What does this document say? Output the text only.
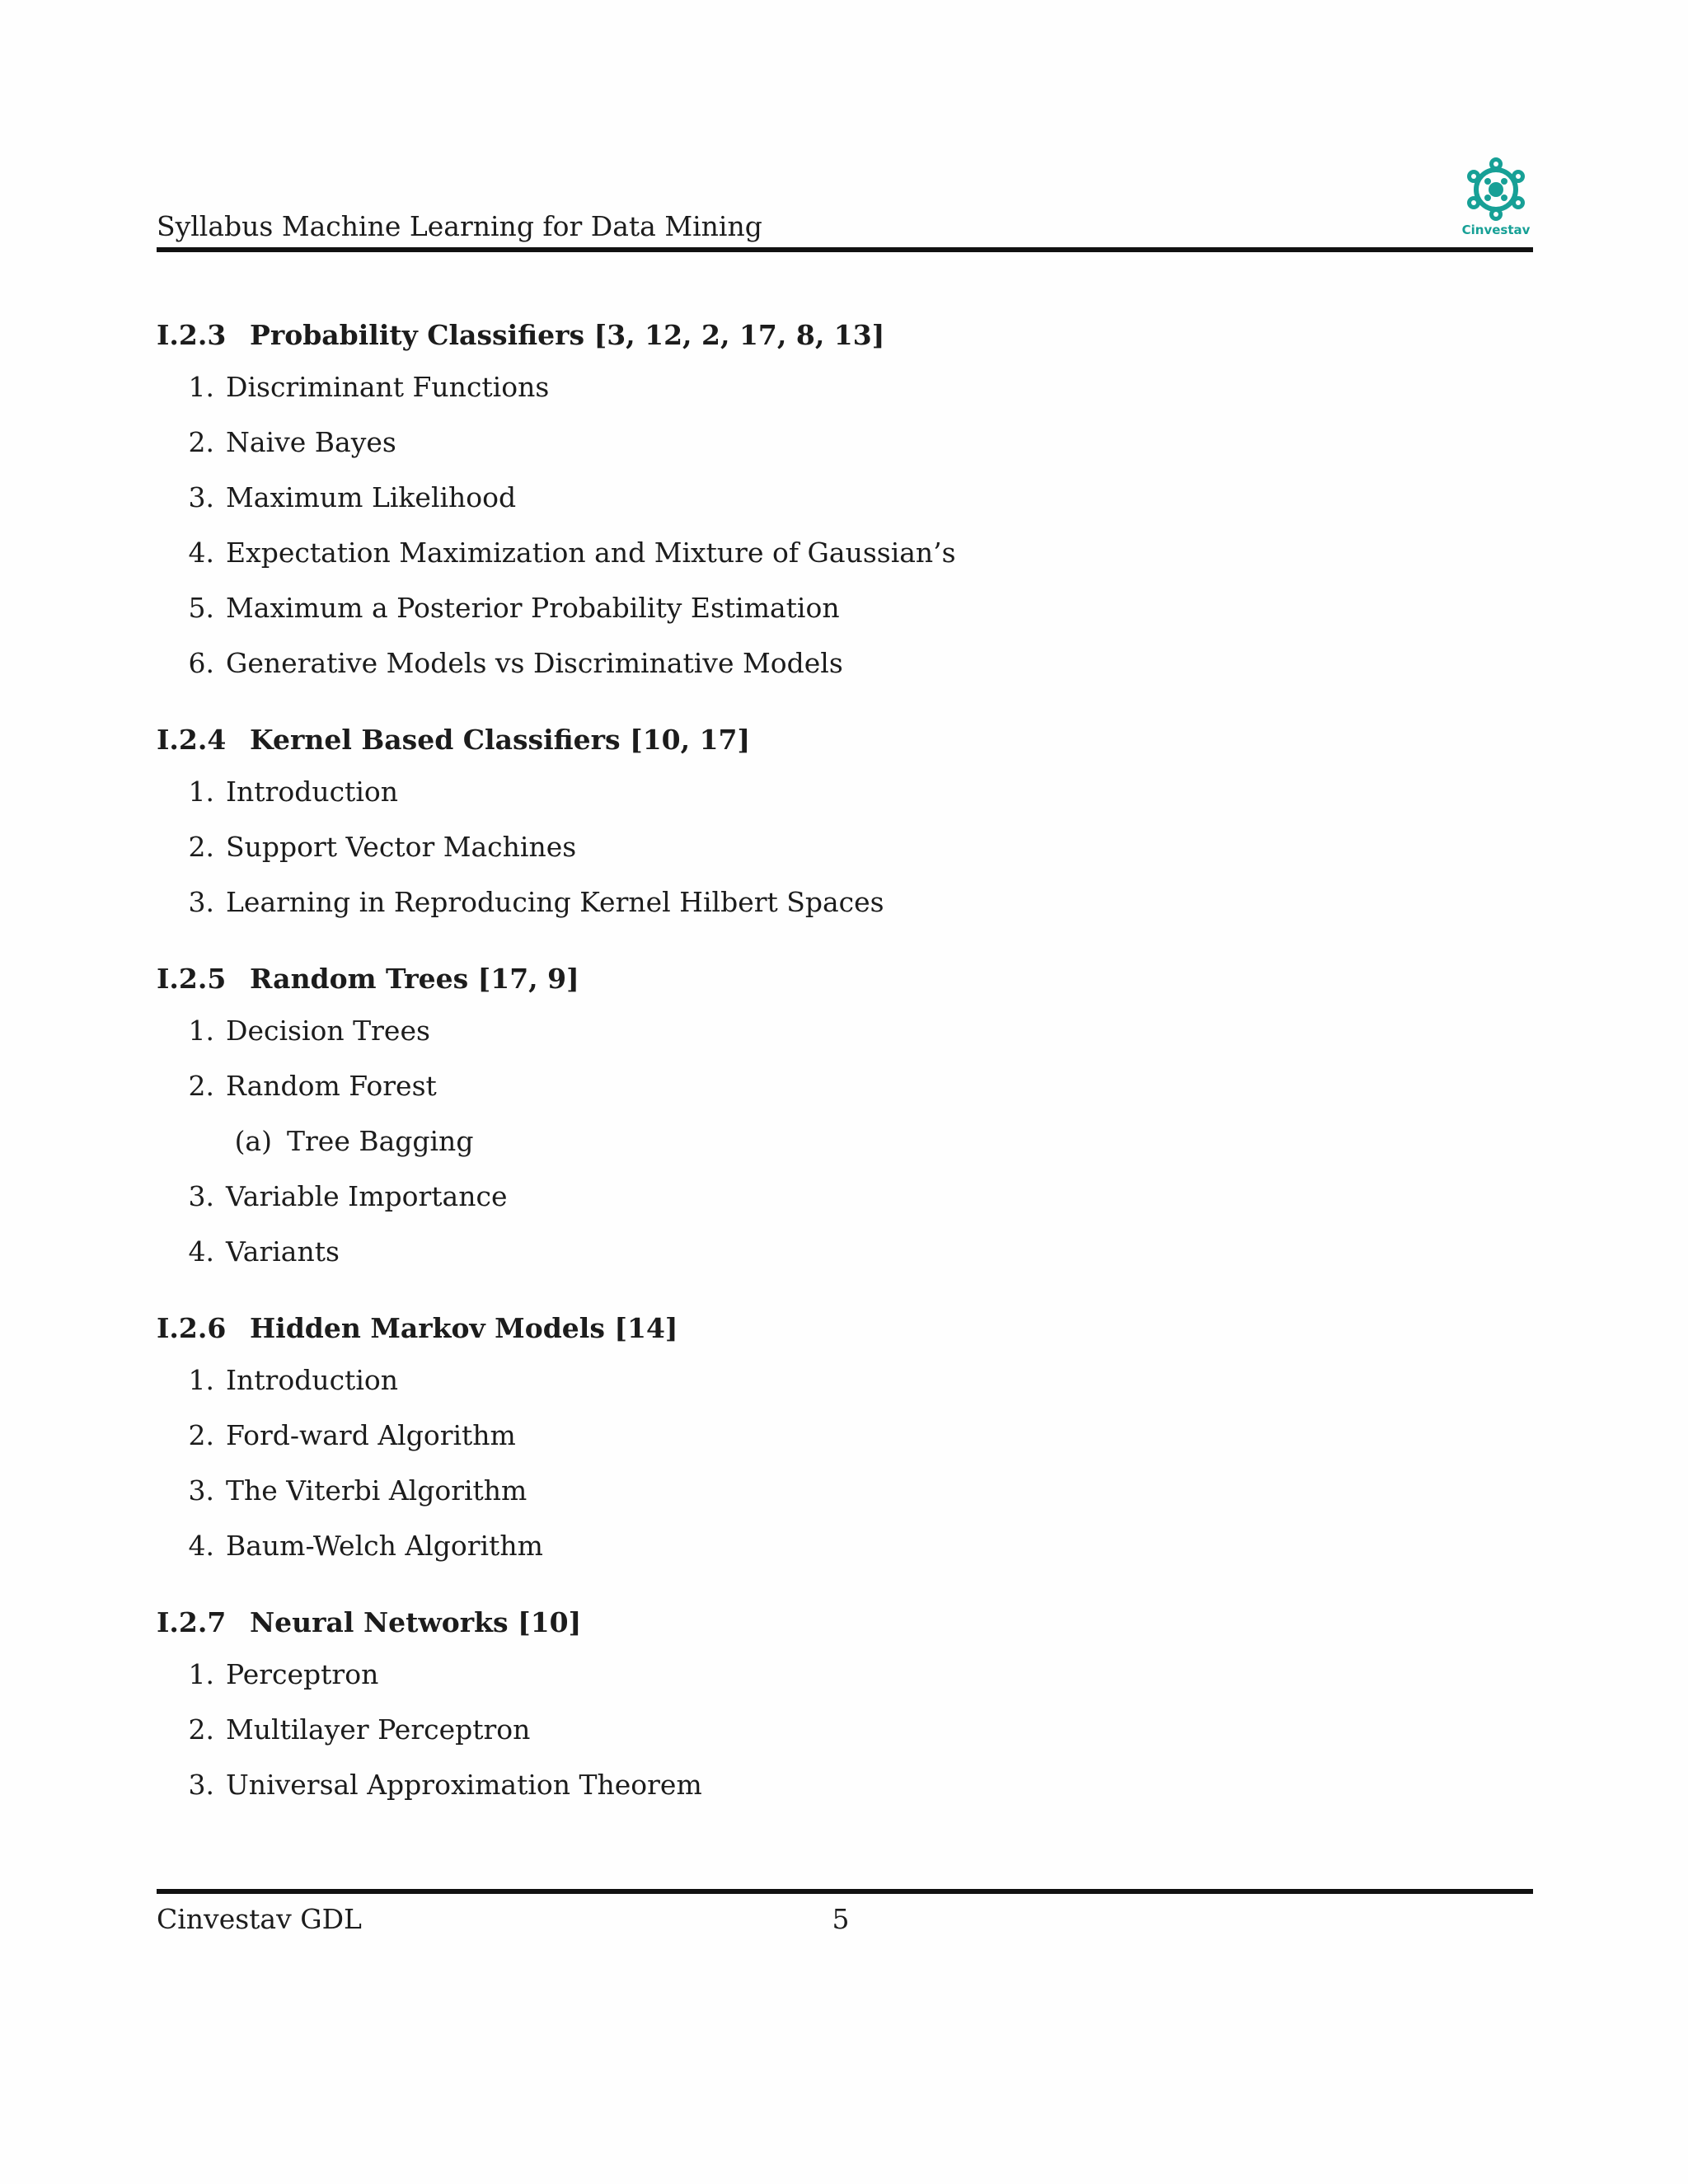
Syllabus Machine Learning for Data Mining	Cinvestav
I.2.3 Probability Classifiers [3, 12, 2, 17, 8, 13]
1. Discriminant Functions
2. Naive Bayes
3. Maximum Likelihood
4. Expectation Maximization and Mixture of Gaussian’s
5. Maximum a Posterior Probability Estimation
6. Generative Models vs Discriminative Models
I.2.4 Kernel Based Classifiers [10, 17]
1. Introduction
2. Support Vector Machines
3. Learning in Reproducing Kernel Hilbert Spaces
I.2.5 Random Trees [17, 9]
1. Decision Trees
2. Random Forest
(a) Tree Bagging
3. Variable Importance
4. Variants
I.2.6 Hidden Markov Models [14]
1. Introduction
2. Ford-ward Algorithm
3. The Viterbi Algorithm
4. Baum-Welch Algorithm
I.2.7 Neural Networks [10]
1. Perceptron
2. Multilayer Perceptron
3. Universal Approximation Theorem
Cinvestav GDL	5
